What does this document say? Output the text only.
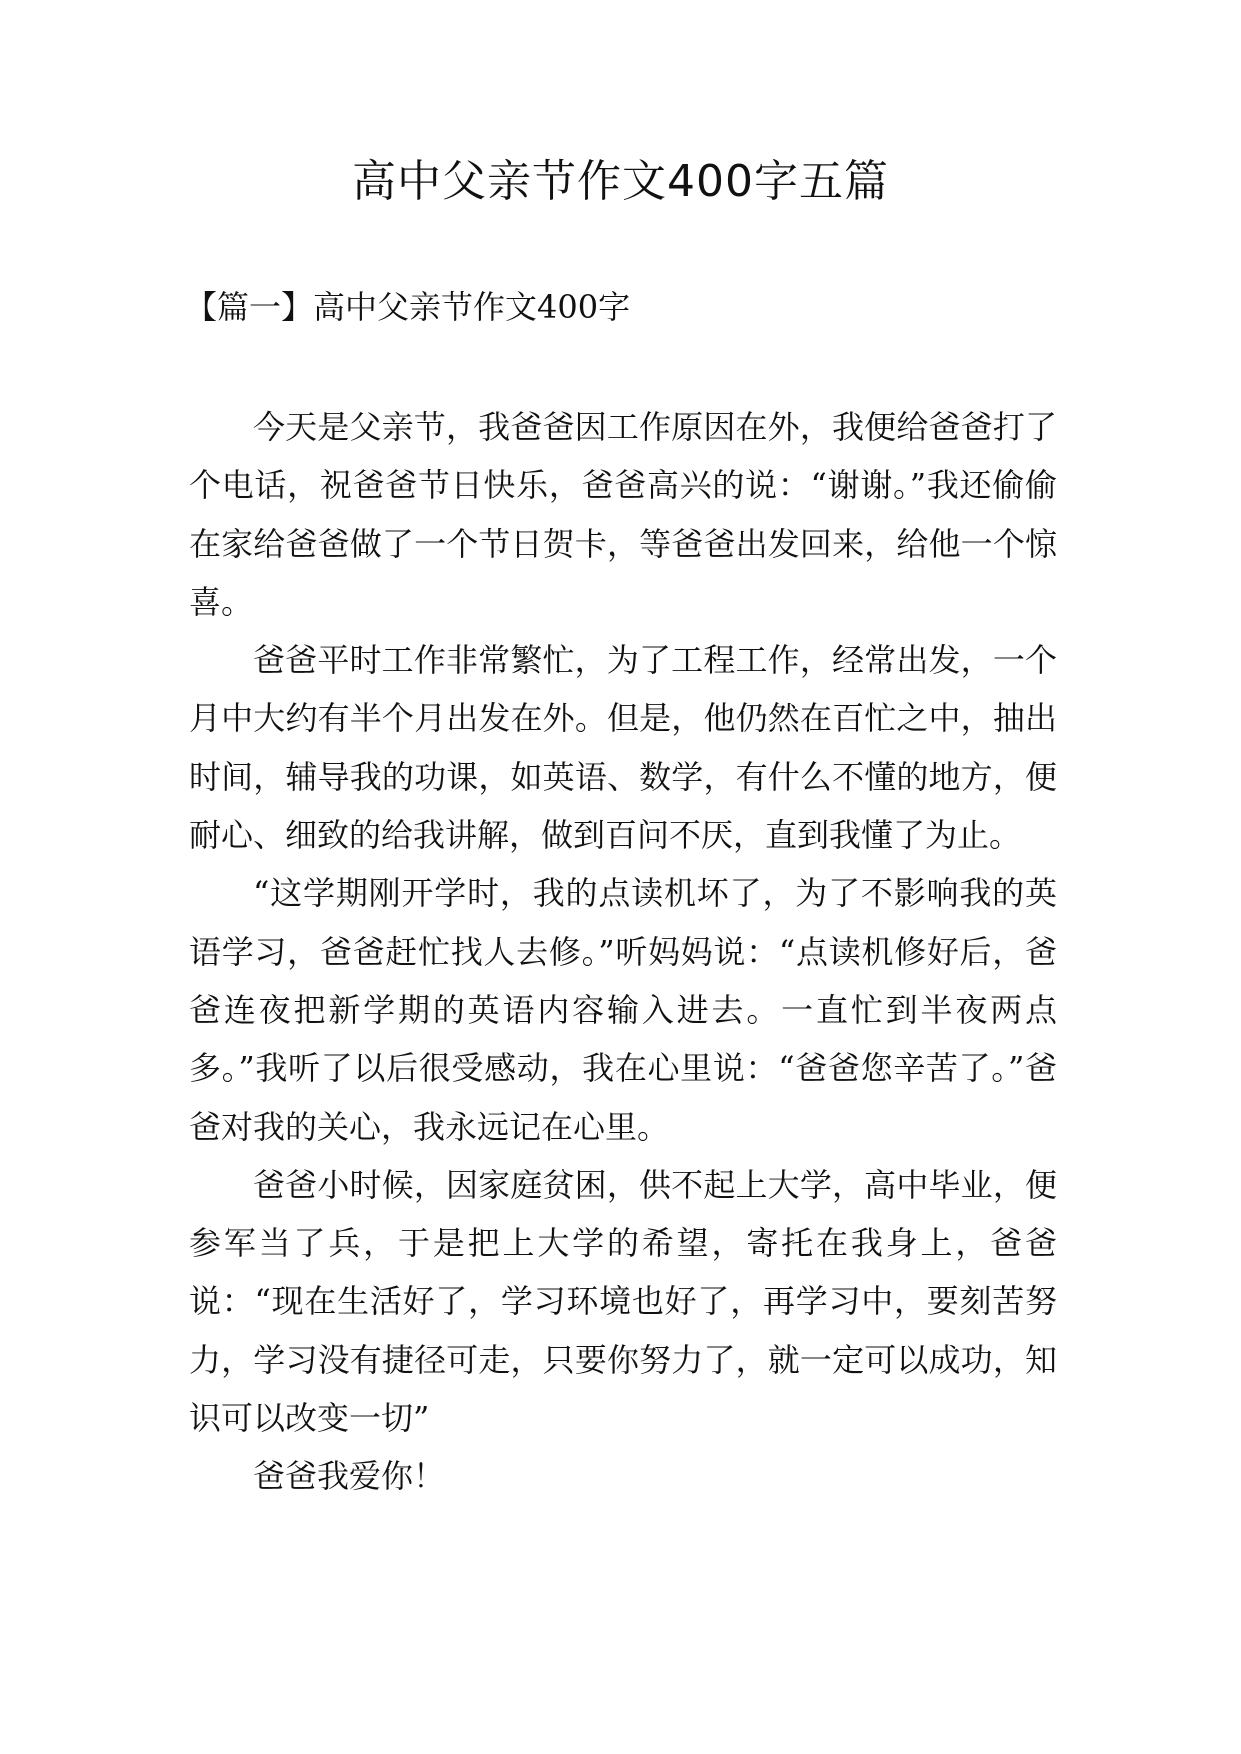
高中父亲节作文400字五篇
【篇一】高中父亲节作文400字

今天是父亲节，我爸爸因工作原因在外，我便给爸爸打了个电话，祝爸爸节日快乐，爸爸高兴的说：“谢谢。”我还偷偷在家给爸爸做了一个节日贺卡，等爸爸出发回来，给他一个惊喜。

爸爸平时工作非常繁忙，为了工程工作，经常出发，一个月中大约有半个月出发在外。但是，他仍然在百忙之中，抽出时间，辅导我的功课，如英语、数学，有什么不懂的地方，便耐心、细致的给我讲解，做到百问不厌，直到我懂了为止。

“这学期刚开学时，我的点读机坏了，为了不影响我的英语学习，爸爸赶忙找人去修。”听妈妈说：“点读机修好后，爸爸连夜把新学期的英语内容输入进去。一直忙到半夜两点多。”我听了以后很受感动，我在心里说：“爸爸您辛苦了。”爸爸对我的关心，我永远记在心里。

爸爸小时候，因家庭贫困，供不起上大学，高中毕业，便参军当了兵，于是把上大学的希望，寄托在我身上，爸爸说：“现在生活好了，学习环境也好了，再学习中，要刻苦努力，学习没有捷径可走，只要你努力了，就一定可以成功，知识可以改变一切”

爸爸我爱你！
